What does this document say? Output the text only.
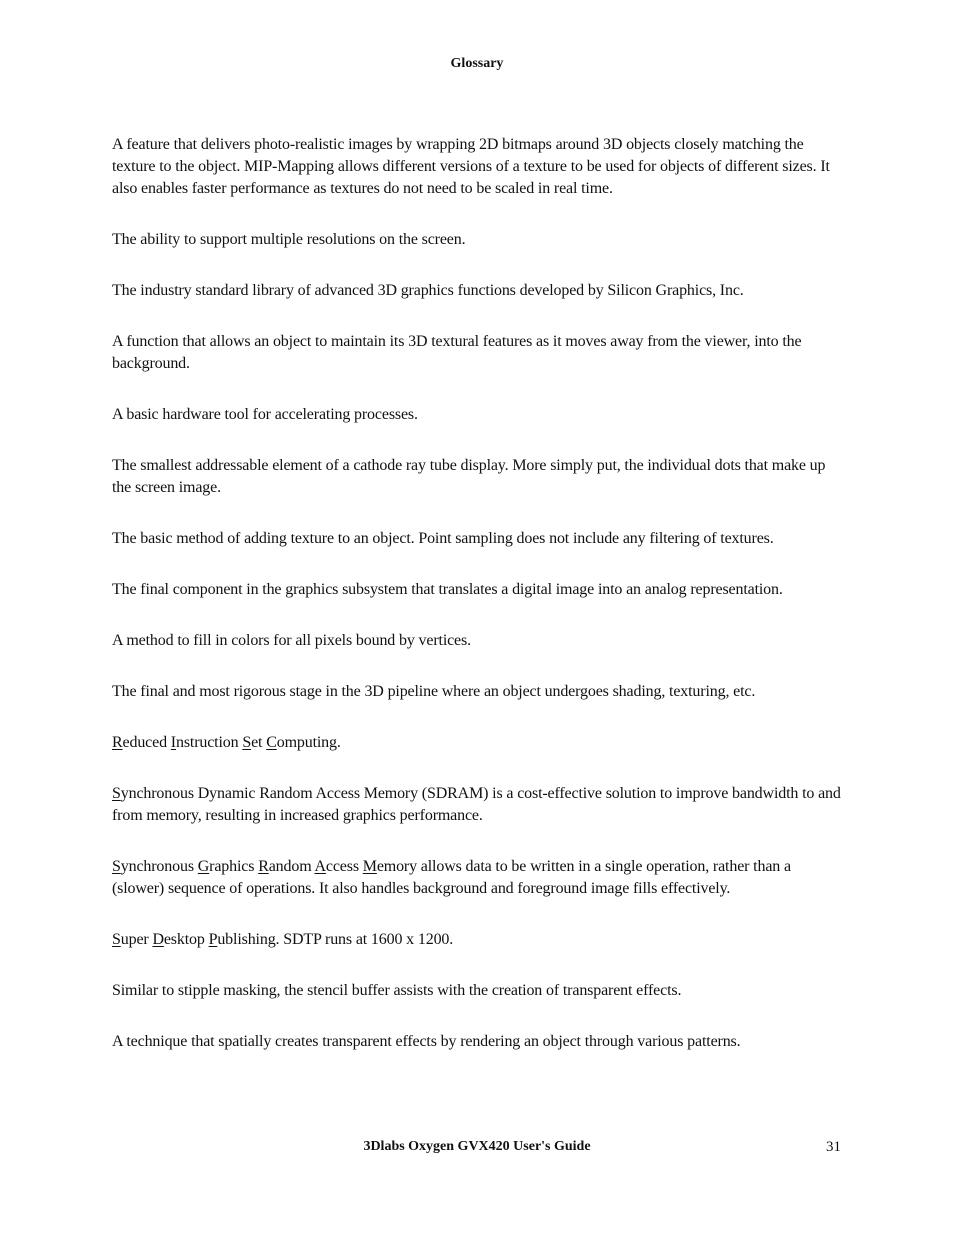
Glossary

A feature that delivers photo-realistic images by wrapping 2D bitmaps around 3D objects closely matching the texture to the object. MIP-Mapping allows different versions of a texture to be used for objects of different sizes. It also enables faster performance as textures do not need to be scaled in real time.

The ability to support multiple resolutions on the screen.

The industry standard library of advanced 3D graphics functions developed by Silicon Graphics, Inc.

A function that allows an object to maintain its 3D textural features as it moves away from the viewer, into the background.

A basic hardware tool for accelerating processes.

The smallest addressable element of a cathode ray tube display. More simply put, the individual dots that make up the screen image.

The basic method of adding texture to an object. Point sampling does not include any filtering of textures.

The final component in the graphics subsystem that translates a digital image into an analog representation.

A method to fill in colors for all pixels bound by vertices.

The final and most rigorous stage in the 3D pipeline where an object undergoes shading, texturing, etc.

Reduced Instruction Set Computing.

Synchronous Dynamic Random Access Memory (SDRAM) is a cost-effective solution to improve bandwidth to and from memory, resulting in increased graphics performance.

Synchronous Graphics Random Access Memory allows data to be written in a single operation, rather than a (slower) sequence of operations. It also handles background and foreground image fills effectively.

Super Desktop Publishing. SDTP runs at 1600 x 1200.

Similar to stipple masking, the stencil buffer assists with the creation of transparent effects.

A technique that spatially creates transparent effects by rendering an object through various patterns.

3Dlabs Oxygen GVX420 User's Guide	31
